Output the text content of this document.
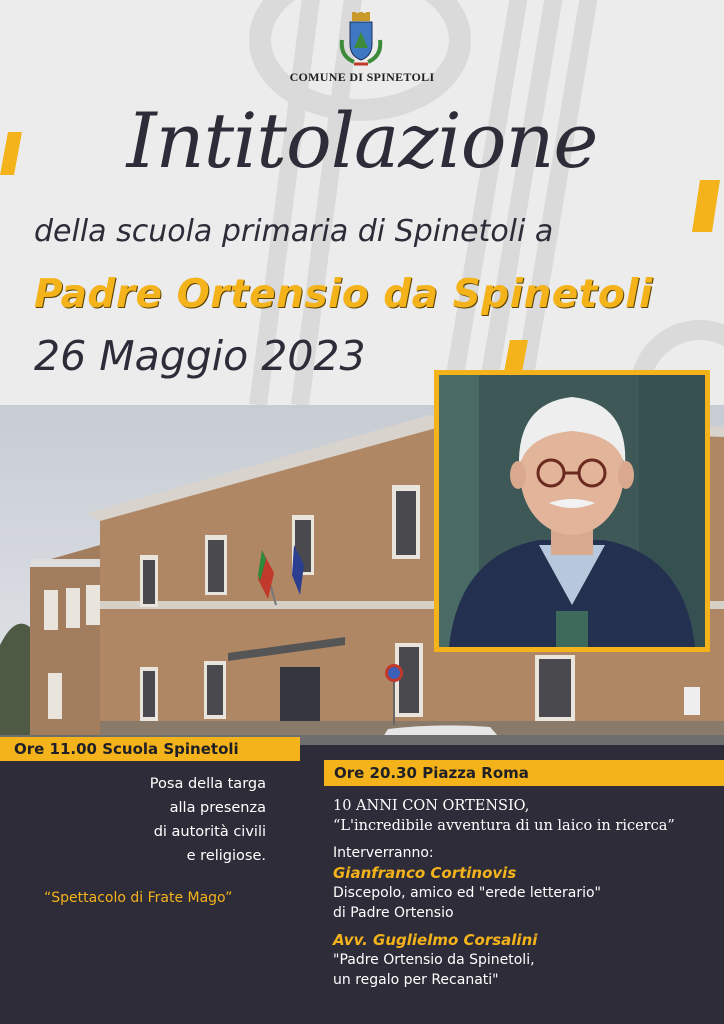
COMUNE DI SPINETOLI
Intitolazione
della scuola primaria di Spinetoli a
Padre Ortensio da Spinetoli
26 Maggio 2023
Ore 11.00 Scuola Spinetoli
Posa della targa
alla presenza
di autorità civili
e religiose.
“Spettacolo di Frate Mago”
Ore 20.30 Piazza Roma
10 ANNI CON ORTENSIO,
“L'incredibile avventura di un laico in ricerca”
Interverranno:
Gianfranco Cortinovis
Discepolo, amico ed "erede letterario"
di Padre Ortensio
Avv. Guglielmo Corsalini
"Padre Ortensio da Spinetoli,
un regalo per Recanati"
